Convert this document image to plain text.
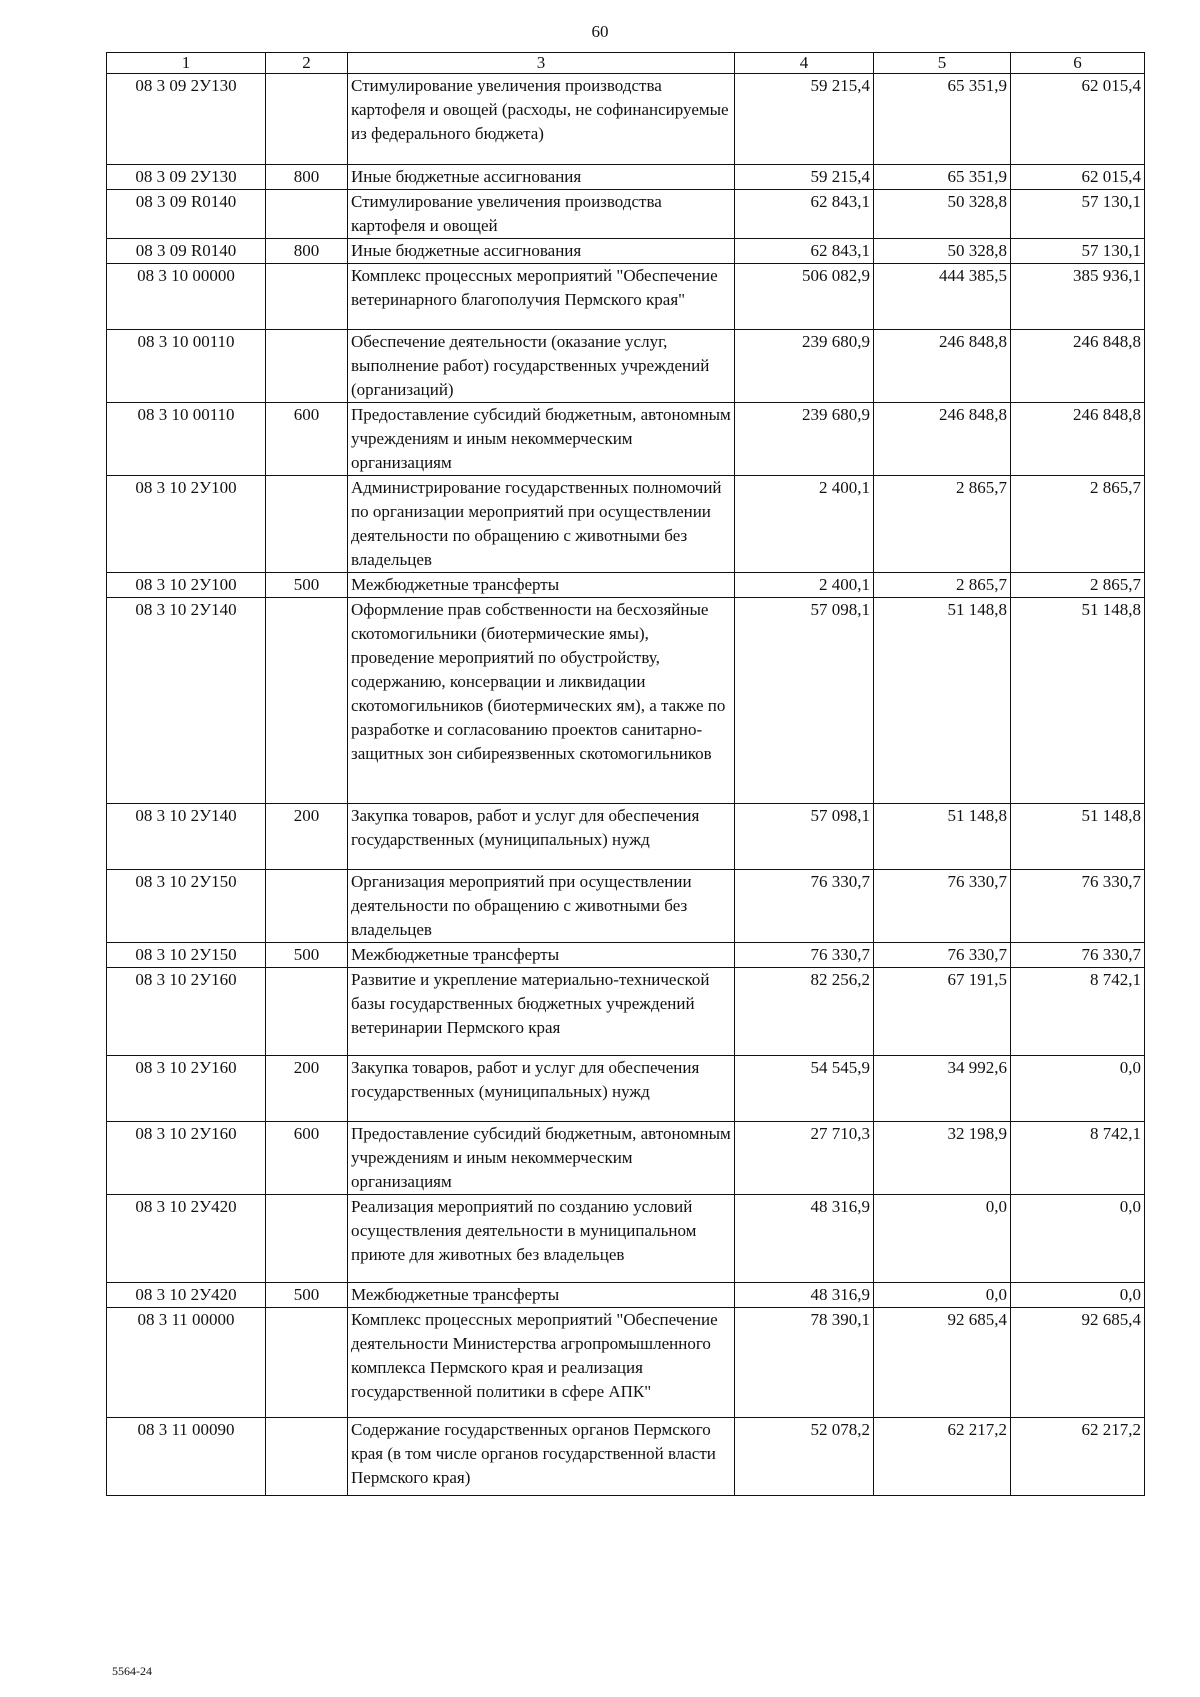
60
1	2	3	4	5	6
08 3 09 2У130		Стимулирование увеличения производства картофеля и овощей (расходы, не софинансируемые из федерального бюджета)	59 215,4	65 351,9	62 015,4
08 3 09 2У130	800	Иные бюджетные ассигнования	59 215,4	65 351,9	62 015,4
08 3 09 R0140		Стимулирование увеличения производства картофеля и овощей	62 843,1	50 328,8	57 130,1
08 3 09 R0140	800	Иные бюджетные ассигнования	62 843,1	50 328,8	57 130,1
08 3 10 00000		Комплекс процессных мероприятий "Обеспечение ветеринарного благополучия Пермского края"	506 082,9	444 385,5	385 936,1
08 3 10 00110		Обеспечение деятельности (оказание услуг, выполнение работ) государственных учреждений (организаций)	239 680,9	246 848,8	246 848,8
08 3 10 00110	600	Предоставление субсидий бюджетным, автономным учреждениям и иным некоммерческим организациям	239 680,9	246 848,8	246 848,8
08 3 10 2У100		Администрирование государственных полномочий по организации мероприятий при осуществлении деятельности по обращению с животными без владельцев	2 400,1	2 865,7	2 865,7
08 3 10 2У100	500	Межбюджетные трансферты	2 400,1	2 865,7	2 865,7
08 3 10 2У140		Оформление прав собственности на бесхозяйные скотомогильники (биотермические ямы), проведение мероприятий по обустройству, содержанию, консервации и ликвидации скотомогильников (биотермических ям), а также по разработке и согласованию проектов санитарно-защитных зон сибиреязвенных скотомогильников	57 098,1	51 148,8	51 148,8
08 3 10 2У140	200	Закупка товаров, работ и услуг для обеспечения государственных (муниципальных) нужд	57 098,1	51 148,8	51 148,8
08 3 10 2У150		Организация мероприятий при осуществлении деятельности по обращению с животными без владельцев	76 330,7	76 330,7	76 330,7
08 3 10 2У150	500	Межбюджетные трансферты	76 330,7	76 330,7	76 330,7
08 3 10 2У160		Развитие и укрепление материально-технической базы государственных бюджетных учреждений ветеринарии Пермского края	82 256,2	67 191,5	8 742,1
08 3 10 2У160	200	Закупка товаров, работ и услуг для обеспечения государственных (муниципальных) нужд	54 545,9	34 992,6	0,0
08 3 10 2У160	600	Предоставление субсидий бюджетным, автономным учреждениям и иным некоммерческим организациям	27 710,3	32 198,9	8 742,1
08 3 10 2У420		Реализация мероприятий по созданию условий осуществления деятельности в муниципальном приюте для животных без владельцев	48 316,9	0,0	0,0
08 3 10 2У420	500	Межбюджетные трансферты	48 316,9	0,0	0,0
08 3 11 00000		Комплекс процессных мероприятий "Обеспечение деятельности Министерства агропромышленного комплекса Пермского края и реализация государственной политики в сфере АПК"	78 390,1	92 685,4	92 685,4
08 3 11 00090		Содержание государственных органов Пермского края (в том числе органов государственной власти Пермского края)	52 078,2	62 217,2	62 217,2
5564-24
